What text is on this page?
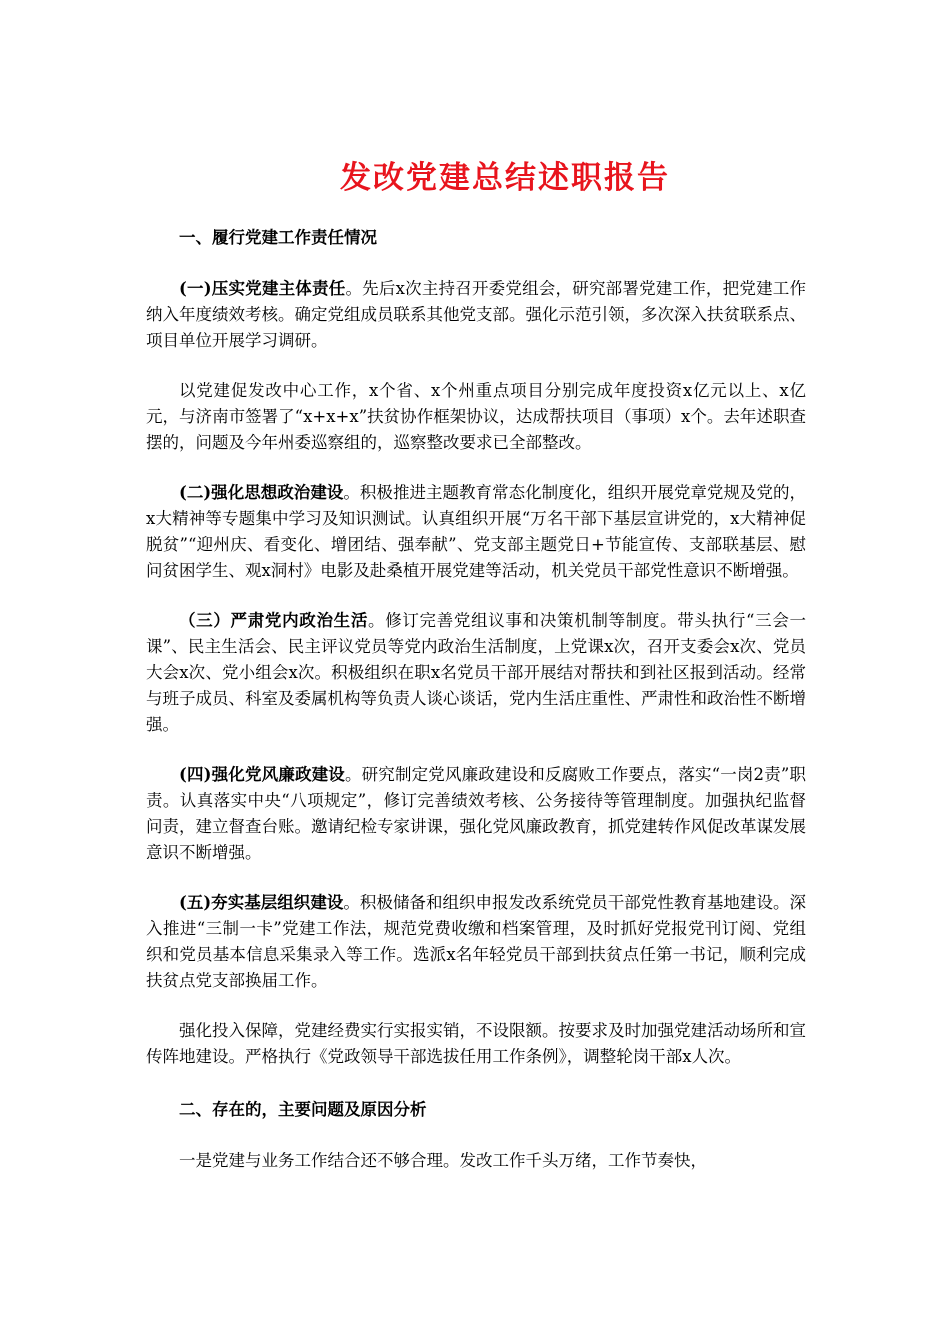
发改党建总结述职报告
一、履行党建工作责任情况

(一)压实党建主体责任。先后x次主持召开委党组会，研究部署党建工作，把党建工作纳入年度绩效考核。确定党组成员联系其他党支部。强化示范引领，多次深入扶贫联系点、项目单位开展学习调研。

以党建促发改中心工作，x个省、x个州重点项目分别完成年度投资x亿元以上、x亿元，与济南市签署了“x+x+x”扶贫协作框架协议，达成帮扶项目（事项）x个。去年述职查摆的，问题及今年州委巡察组的，巡察整改要求已全部整改。

(二)强化思想政治建设。积极推进主题教育常态化制度化，组织开展党章党规及党的，x大精神等专题集中学习及知识测试。认真组织开展“万名干部下基层宣讲党的，x大精神促脱贫”“迎州庆、看变化、增团结、强奉献”、党支部主题党日+节能宣传、支部联基层、慰问贫困学生、观x洞村》电影及赴桑植开展党建等活动，机关党员干部党性意识不断增强。

（三）严肃党内政治生活。修订完善党组议事和决策机制等制度。带头执行“三会一课”、民主生活会、民主评议党员等党内政治生活制度，上党课x次，召开支委会x次、党员大会x次、党小组会x次。积极组织在职x名党员干部开展结对帮扶和到社区报到活动。经常与班子成员、科室及委属机构等负责人谈心谈话，党内生活庄重性、严肃性和政治性不断增强。

(四)强化党风廉政建设。研究制定党风廉政建设和反腐败工作要点，落实“一岗2责”职责。认真落实中央“八项规定”，修订完善绩效考核、公务接待等管理制度。加强执纪监督问责，建立督查台账。邀请纪检专家讲课，强化党风廉政教育，抓党建转作风促改革谋发展意识不断增强。

(五)夯实基层组织建设。积极储备和组织申报发改系统党员干部党性教育基地建设。深入推进“三制一卡”党建工作法，规范党费收缴和档案管理，及时抓好党报党刊订阅、党组织和党员基本信息采集录入等工作。选派x名年轻党员干部到扶贫点任第一书记，顺利完成扶贫点党支部换届工作。

强化投入保障，党建经费实行实报实销，不设限额。按要求及时加强党建活动场所和宣传阵地建设。严格执行《党政领导干部选拔任用工作条例》，调整轮岗干部x人次。

二、存在的，主要问题及原因分析

一是党建与业务工作结合还不够合理。发改工作千头万绪，工作节奏快，
